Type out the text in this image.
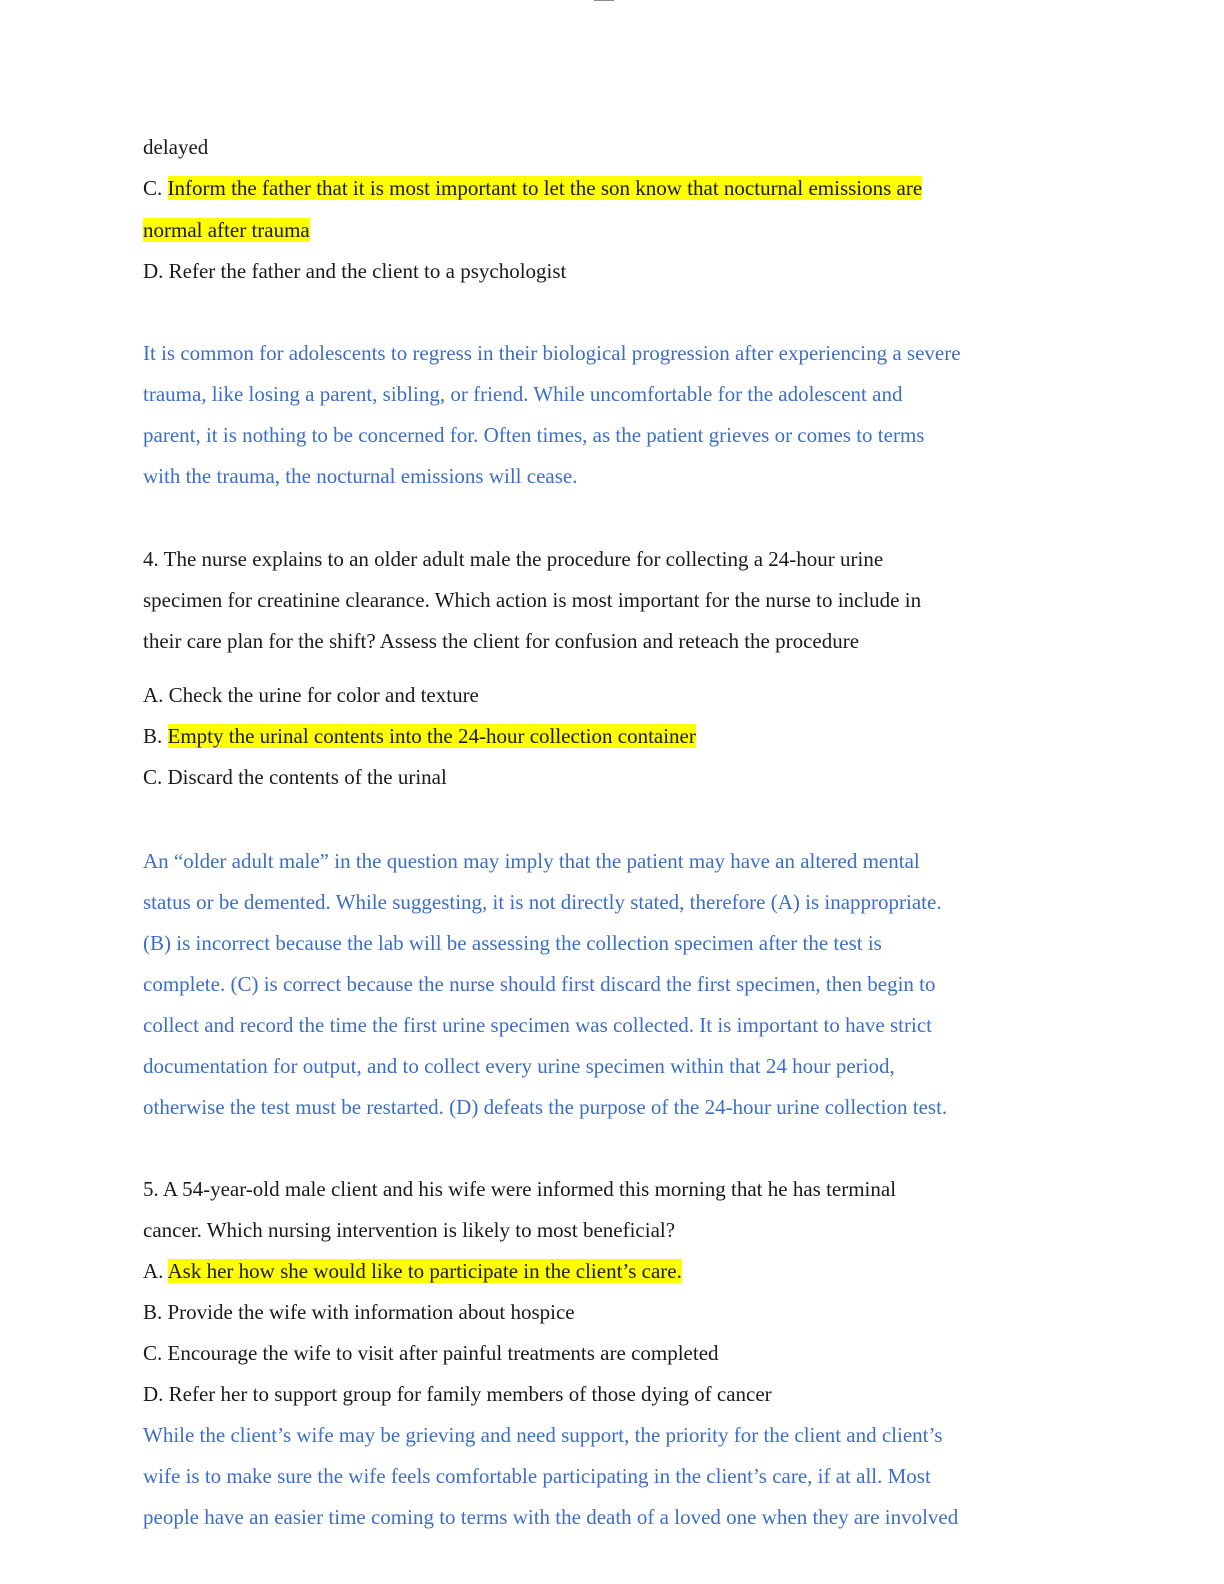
delayed
C. Inform the father that it is most important to let the son know that nocturnal emissions are
normal after trauma
D. Refer the father and the client to a psychologist
It is common for adolescents to regress in their biological progression after experiencing a severe
trauma, like losing a parent, sibling, or friend. While uncomfortable for the adolescent and
parent, it is nothing to be concerned for. Often times, as the patient grieves or comes to terms
with the trauma, the nocturnal emissions will cease.
4. The nurse explains to an older adult male the procedure for collecting a 24-hour urine
specimen for creatinine clearance. Which action is most important for the nurse to include in
their care plan for the shift? Assess the client for confusion and reteach the procedure
A. Check the urine for color and texture
B. Empty the urinal contents into the 24-hour collection container
C. Discard the contents of the urinal
An “older adult male” in the question may imply that the patient may have an altered mental
status or be demented. While suggesting, it is not directly stated, therefore (A) is inappropriate.
(B) is incorrect because the lab will be assessing the collection specimen after the test is
complete. (C) is correct because the nurse should first discard the first specimen, then begin to
collect and record the time the first urine specimen was collected. It is important to have strict
documentation for output, and to collect every urine specimen within that 24 hour period,
otherwise the test must be restarted. (D) defeats the purpose of the 24-hour urine collection test.
5. A 54-year-old male client and his wife were informed this morning that he has terminal
cancer. Which nursing intervention is likely to most beneficial?
A. Ask her how she would like to participate in the client’s care.
B. Provide the wife with information about hospice
C. Encourage the wife to visit after painful treatments are completed
D. Refer her to support group for family members of those dying of cancer
While the client’s wife may be grieving and need support, the priority for the client and client’s
wife is to make sure the wife feels comfortable participating in the client’s care, if at all. Most
people have an easier time coming to terms with the death of a loved one when they are involved
